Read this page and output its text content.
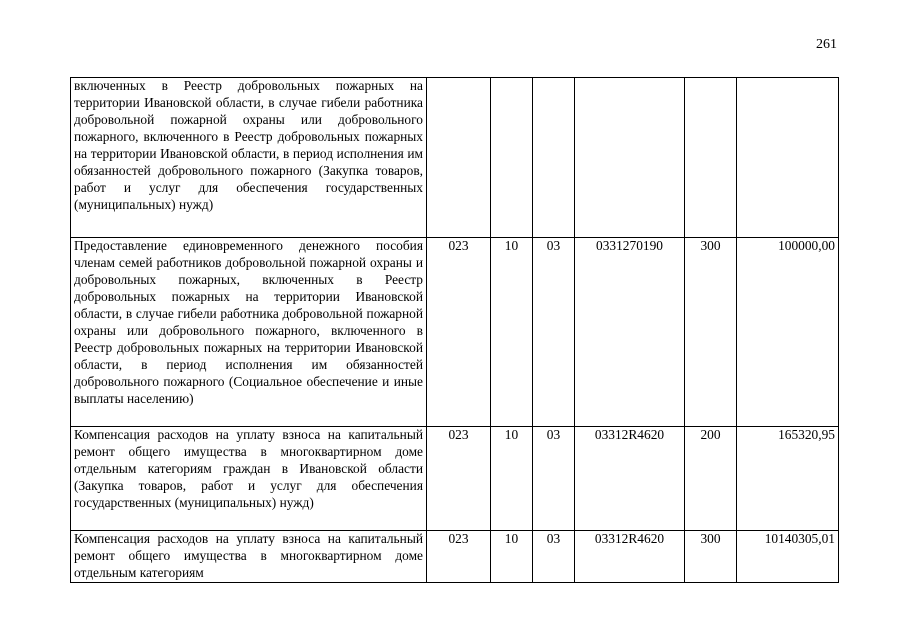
261
включенных в Реестр добровольных пожарных на территории Ивановской области, в случае гибели работника добровольной пожарной охраны или добровольного пожарного, включенного в Реестр добровольных пожарных на территории Ивановской области, в период исполнения им обязанностей добровольного пожарного (Закупка товаров, работ и услуг для обеспечения государственных (муниципальных) нужд)						
Предоставление единовременного денежного пособия членам семей работников добровольной пожарной охраны и добровольных пожарных, включенных в Реестр добровольных пожарных на территории Ивановской области, в случае гибели работника добровольной пожарной охраны или добровольного пожарного, включенного в Реестр добровольных пожарных на территории Ивановской области, в период исполнения им обязанностей добровольного пожарного (Социальное обеспечение и иные выплаты населению)	023	10	03	0331270190	300	100000,00
Компенсация расходов на уплату взноса на капитальный ремонт общего имущества в многоквартирном доме отдельным категориям граждан в Ивановской области (Закупка товаров, работ и услуг для обеспечения государственных (муниципальных) нужд)	023	10	03	03312R4620	200	165320,95
Компенсация расходов на уплату взноса на капитальный ремонт общего имущества в многоквартирном доме отдельным категориям	023	10	03	03312R4620	300	10140305,01
